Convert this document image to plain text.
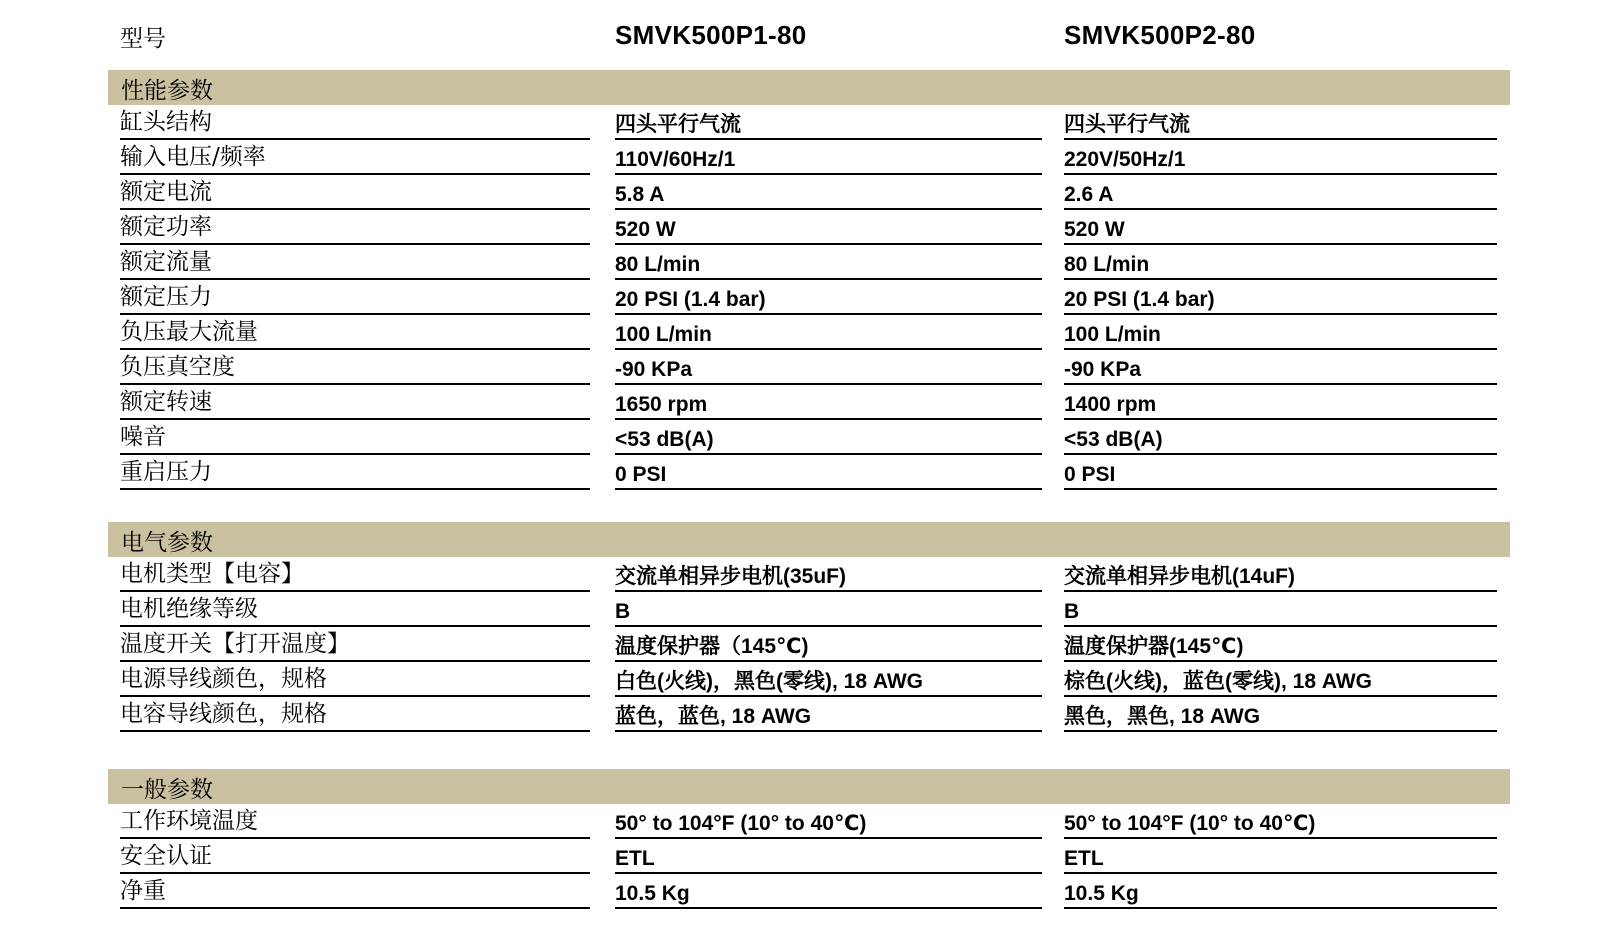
型号	SMVK500P1-80	SMVK500P2-80
性能参数
缸头结构	四头平行气流	四头平行气流
输入电压/频率	110V/60Hz/1	220V/50Hz/1
额定电流	5.8 A	2.6 A
额定功率	520 W	520 W
额定流量	80 L/min	80 L/min
额定压力	20 PSI (1.4 bar)	20 PSI (1.4 bar)
负压最大流量	100 L/min	100 L/min
负压真空度	-90 KPa	-90 KPa
额定转速	1650 rpm	1400 rpm
噪音	<53 dB(A)	<53 dB(A)
重启压力	0 PSI	0 PSI
电气参数
电机类型【电容】	交流单相异步电机(35uF)	交流单相异步电机(14uF)
电机绝缘等级	B	B
温度开关【打开温度】	温度保护器（145℃)	温度保护器(145℃)
电源导线颜色，规格	白色(火线)，黑色(零线), 18 AWG	棕色(火线)，蓝色(零线), 18 AWG
电容导线颜色，规格	蓝色，蓝色, 18 AWG	黑色，黑色, 18 AWG
一般参数
工作环境温度	50° to 104°F (10° to 40℃)	50° to 104°F (10° to 40℃)
安全认证	ETL	ETL
净重	10.5 Kg	10.5 Kg
